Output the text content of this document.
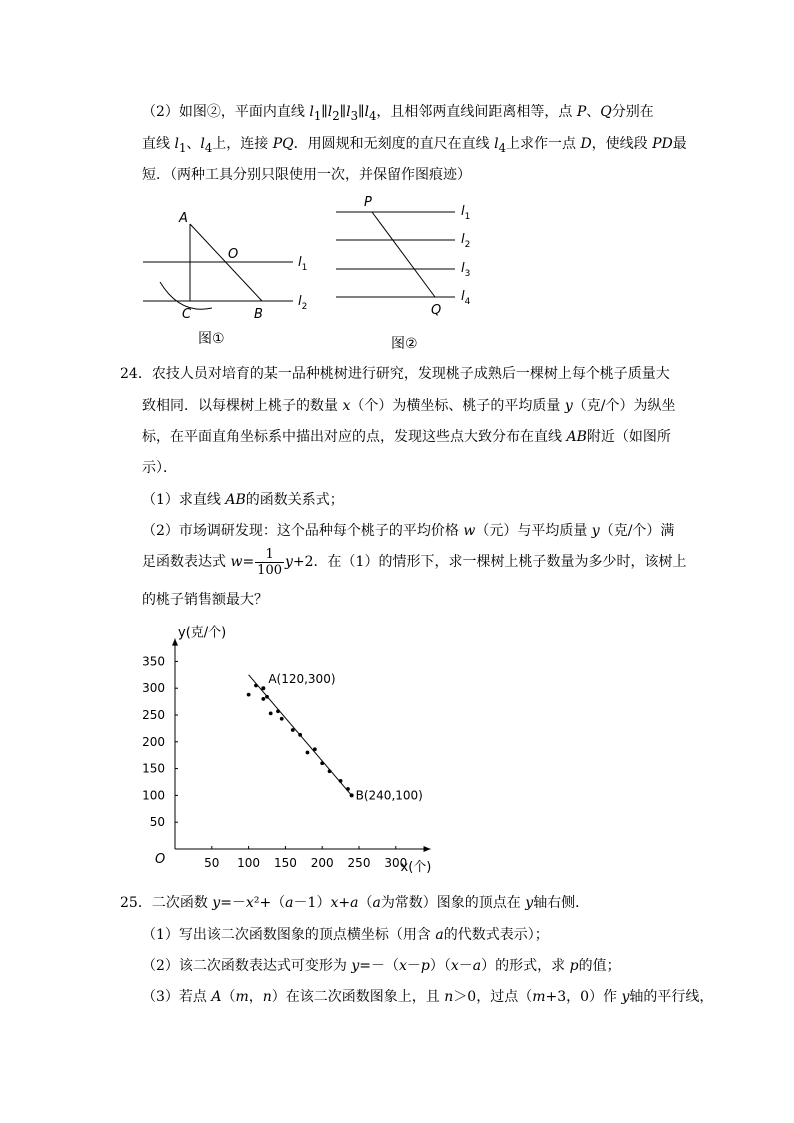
（2）如图②，平面内直线 $l_1\parallel l_2\parallel l_3\parallel l_4$，且相邻两直线间距离相等，点 P、Q分别在
直线 $l_1$、$l_4$上，连接 PQ．用圆规和无刻度的直尺在直线 $l_4$上求作一点 D，使线段 PD最
短．（两种工具分别只限使用一次，并保留作图痕迹）
A
O
C	B
$l_1$
$l_2$
图①
P
Q
$l_1$
$l_2$
$l_3$
$l_4$
图②
24．农技人员对培育的某一品种桃树进行研究，发现桃子成熟后一棵树上每个桃子质量大
致相同．以每棵树上桃子的数量 x（个）为横坐标、桃子的平均质量 y（克/个）为纵坐
标，在平面直角坐标系中描出对应的点，发现这些点大致分布在直线 AB附近（如图所
示）．
（1）求直线 AB的函数关系式；
（2）市场调研发现：这个品种每个桃子的平均价格 w（元）与平均质量 y（克/个）满
足函数表达式 $w= \frac{1}{100} y+2$．在（1）的情形下，求一棵树上桃子数量为多少时，该树上
的桃子销售额最大？
50 100 150 200 250 300
50
100
150
200
250
300
350
O
x(个)
y(克/个)
A(120,300)
B(240,100)
25．二次函数 y=－x²+（a－1）x+a（a为常数）图象的顶点在 y轴右侧．
（1）写出该二次函数图象的顶点横坐标（用含 a的代数式表示）；
（2）该二次函数表达式可变形为 y=－（x－p）（x－a）的形式，求 p的值；
（3）若点 A（m，n）在该二次函数图象上，且 n＞0，过点（m+3，0）作 y轴的平行线，
